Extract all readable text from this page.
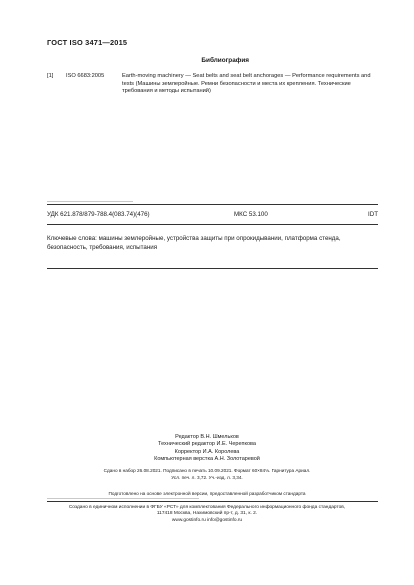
ГОСТ ISO 3471—2015
Библиография
[1] ISO 6683:2005	Earth-moving machinery — Seat belts and seat belt anchorages — Performance requirements and tests (Машины землеройные. Ремни безопасности и места их крепления. Технические требования и методы испытаний)
УДК 621.878/879-788.4(083.74)(476)	МКС 53.100	IDT
Ключевые слова: машины землеройные, устройства защиты при опрокидывании, платформа стенда, безопасность, требования, испытания
Редактор В.Н. Шмельков
Технический редактор И.Е. Черепкова
Корректор И.А. Королева
Компьютерная верстка А.Н. Золотаревой
Сдано в набор 26.08.2021. Подписано в печать 10.09.2021. Формат 60×84⅛. Гарнитура Ариал.
Усл. печ. л. 3,72. Уч.-изд. л. 3,34.
Подготовлено на основе электронной версии, предоставленной разработчиком стандарта
Создано в единичном исполнении в ФГБУ «РСТ» для комплектования Федерального информационного фонда стандартов,
117418 Москва, Нахимовский пр-т, д. 31, к. 2.
www.gostinfo.ru info@gostinfo.ru
